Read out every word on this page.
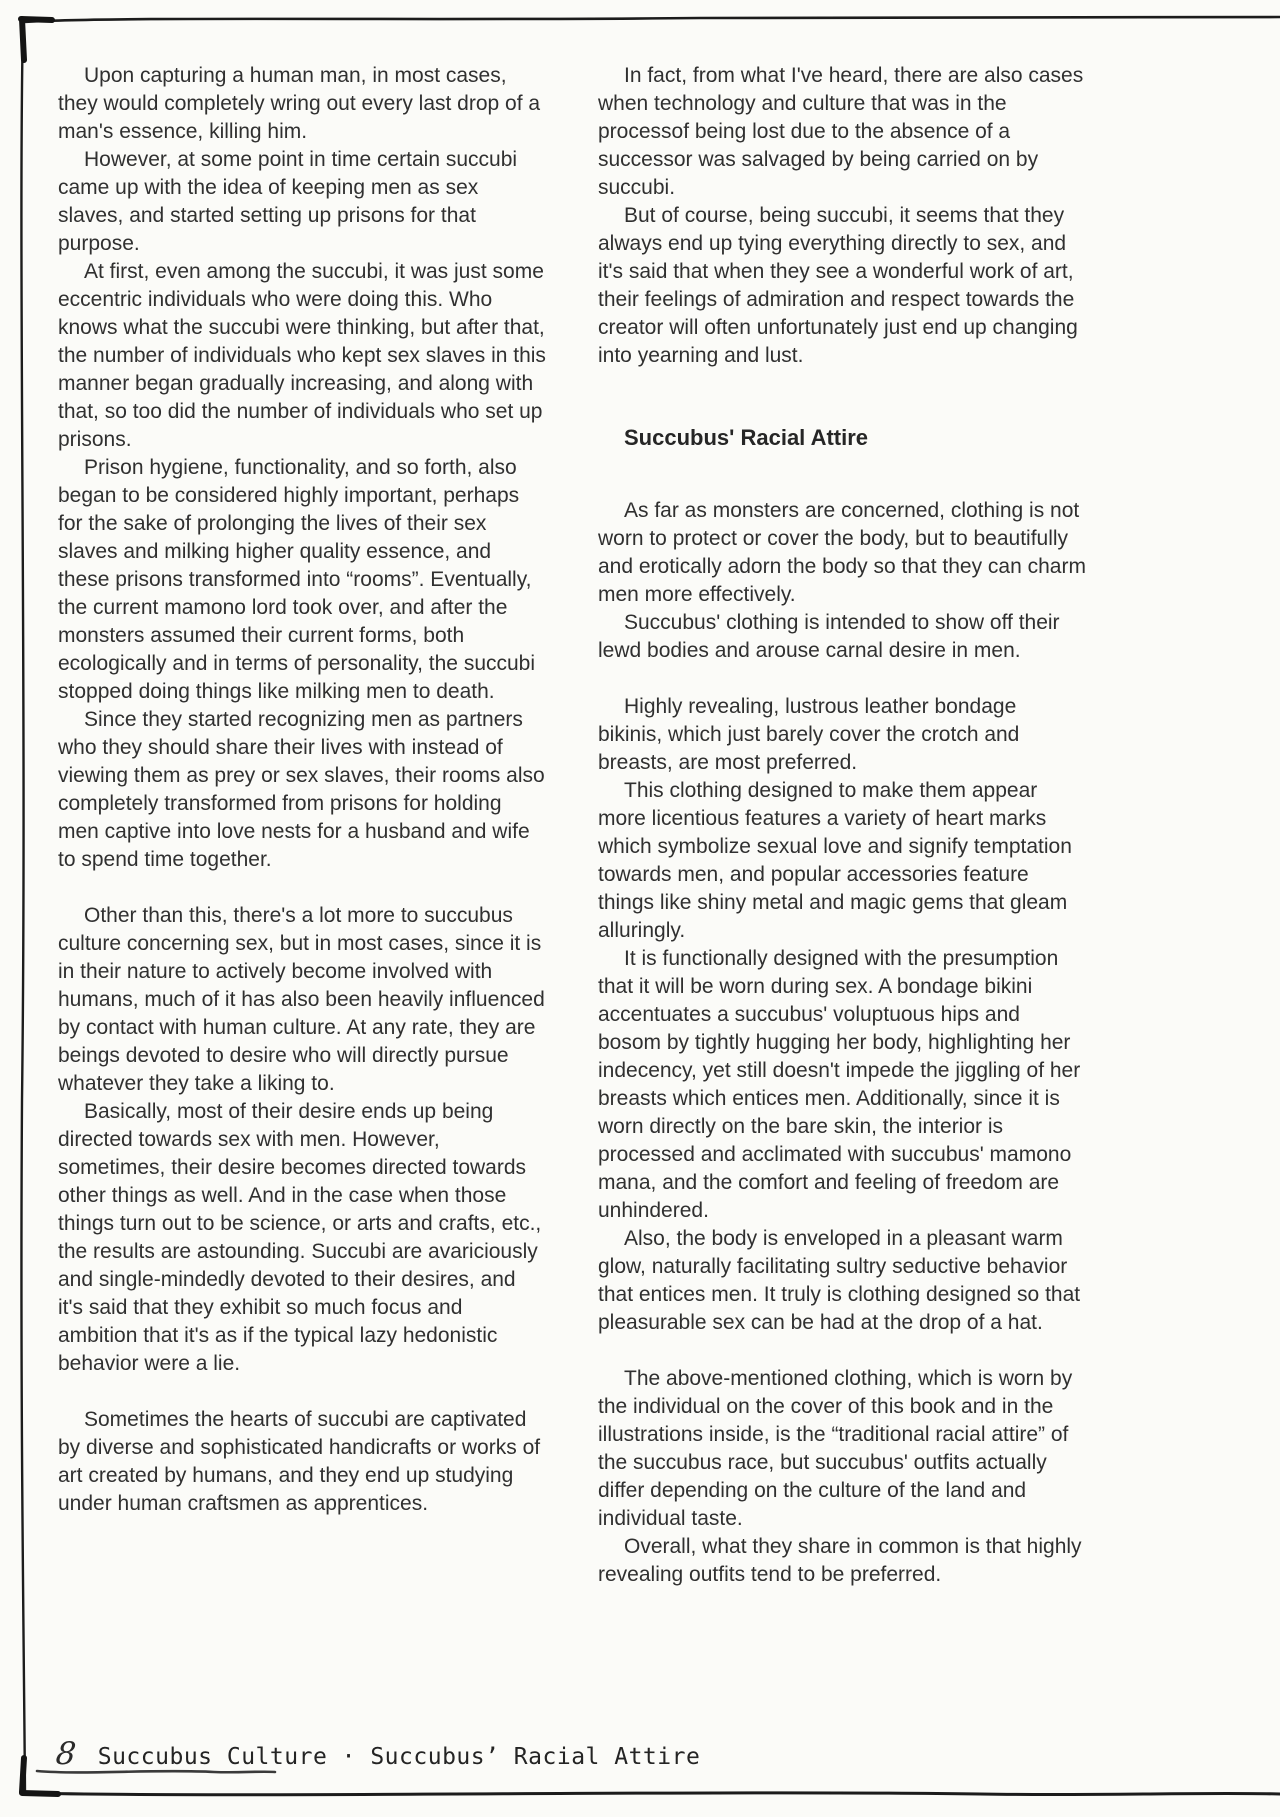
Upon capturing a human man, in most cases, they would completely wring out every last drop of a man's essence, killing him.

However, at some point in time certain succubi came up with the idea of keeping men as sex slaves, and started setting up prisons for that purpose.

At first, even among the succubi, it was just some eccentric individuals who were doing this. Who knows what the succubi were thinking, but after that, the number of individuals who kept sex slaves in this manner began gradually increasing, and along with that, so too did the number of individuals who set up prisons.

Prison hygiene, functionality, and so forth, also began to be considered highly important, perhaps for the sake of prolonging the lives of their sex slaves and milking higher quality essence, and these prisons transformed into “rooms”. Eventually, the current mamono lord took over, and after the monsters assumed their current forms, both ecologically and in terms of personality, the succubi stopped doing things like milking men to death.

Since they started recognizing men as partners who they should share their lives with instead of viewing them as prey or sex slaves, their rooms also completely transformed from prisons for holding men captive into love nests for a husband and wife to spend time together.

Other than this, there's a lot more to succubus culture concerning sex, but in most cases, since it is in their nature to actively become involved with humans, much of it has also been heavily influenced by contact with human culture. At any rate, they are beings devoted to desire who will directly pursue whatever they take a liking to.

Basically, most of their desire ends up being directed towards sex with men. However, sometimes, their desire becomes directed towards other things as well. And in the case when those things turn out to be science, or arts and crafts, etc., the results are astounding. Succubi are avariciously and single-mindedly devoted to their desires, and it's said that they exhibit so much focus and ambition that it's as if the typical lazy hedonistic behavior were a lie.

Sometimes the hearts of succubi are captivated by diverse and sophisticated handicrafts or works of art created by humans, and they end up studying under human craftsmen as apprentices.

In fact, from what I've heard, there are also cases when technology and culture that was in the processof being lost due to the absence of a successor was salvaged by being carried on by succubi.

But of course, being succubi, it seems that they always end up tying everything directly to sex, and it's said that when they see a wonderful work of art, their feelings of admiration and respect towards the creator will often unfortunately just end up changing into yearning and lust.

Succubus' Racial Attire

As far as monsters are concerned, clothing is not worn to protect or cover the body, but to beautifully and erotically adorn the body so that they can charm men more effectively.

Succubus' clothing is intended to show off their lewd bodies and arouse carnal desire in men.

Highly revealing, lustrous leather bondage bikinis, which just barely cover the crotch and breasts, are most preferred.

This clothing designed to make them appear more licentious features a variety of heart marks which symbolize sexual love and signify temptation towards men, and popular accessories feature things like shiny metal and magic gems that gleam alluringly.

It is functionally designed with the presumption that it will be worn during sex. A bondage bikini accentuates a succubus' voluptuous hips and bosom by tightly hugging her body, highlighting her indecency, yet still doesn't impede the jiggling of her breasts which entices men. Additionally, since it is worn directly on the bare skin, the interior is processed and acclimated with succubus' mamono mana, and the comfort and feeling of freedom are unhindered.

Also, the body is enveloped in a pleasant warm glow, naturally facilitating sultry seductive behavior that entices men. It truly is clothing designed so that pleasurable sex can be had at the drop of a hat.

The above-mentioned clothing, which is worn by the individual on the cover of this book and in the illustrations inside, is the “traditional racial attire” of the succubus race, but succubus' outfits actually differ depending on the culture of the land and individual taste.

Overall, what they share in common is that highly revealing outfits tend to be preferred.

8 Succubus Culture · Succubus’ Racial Attire
